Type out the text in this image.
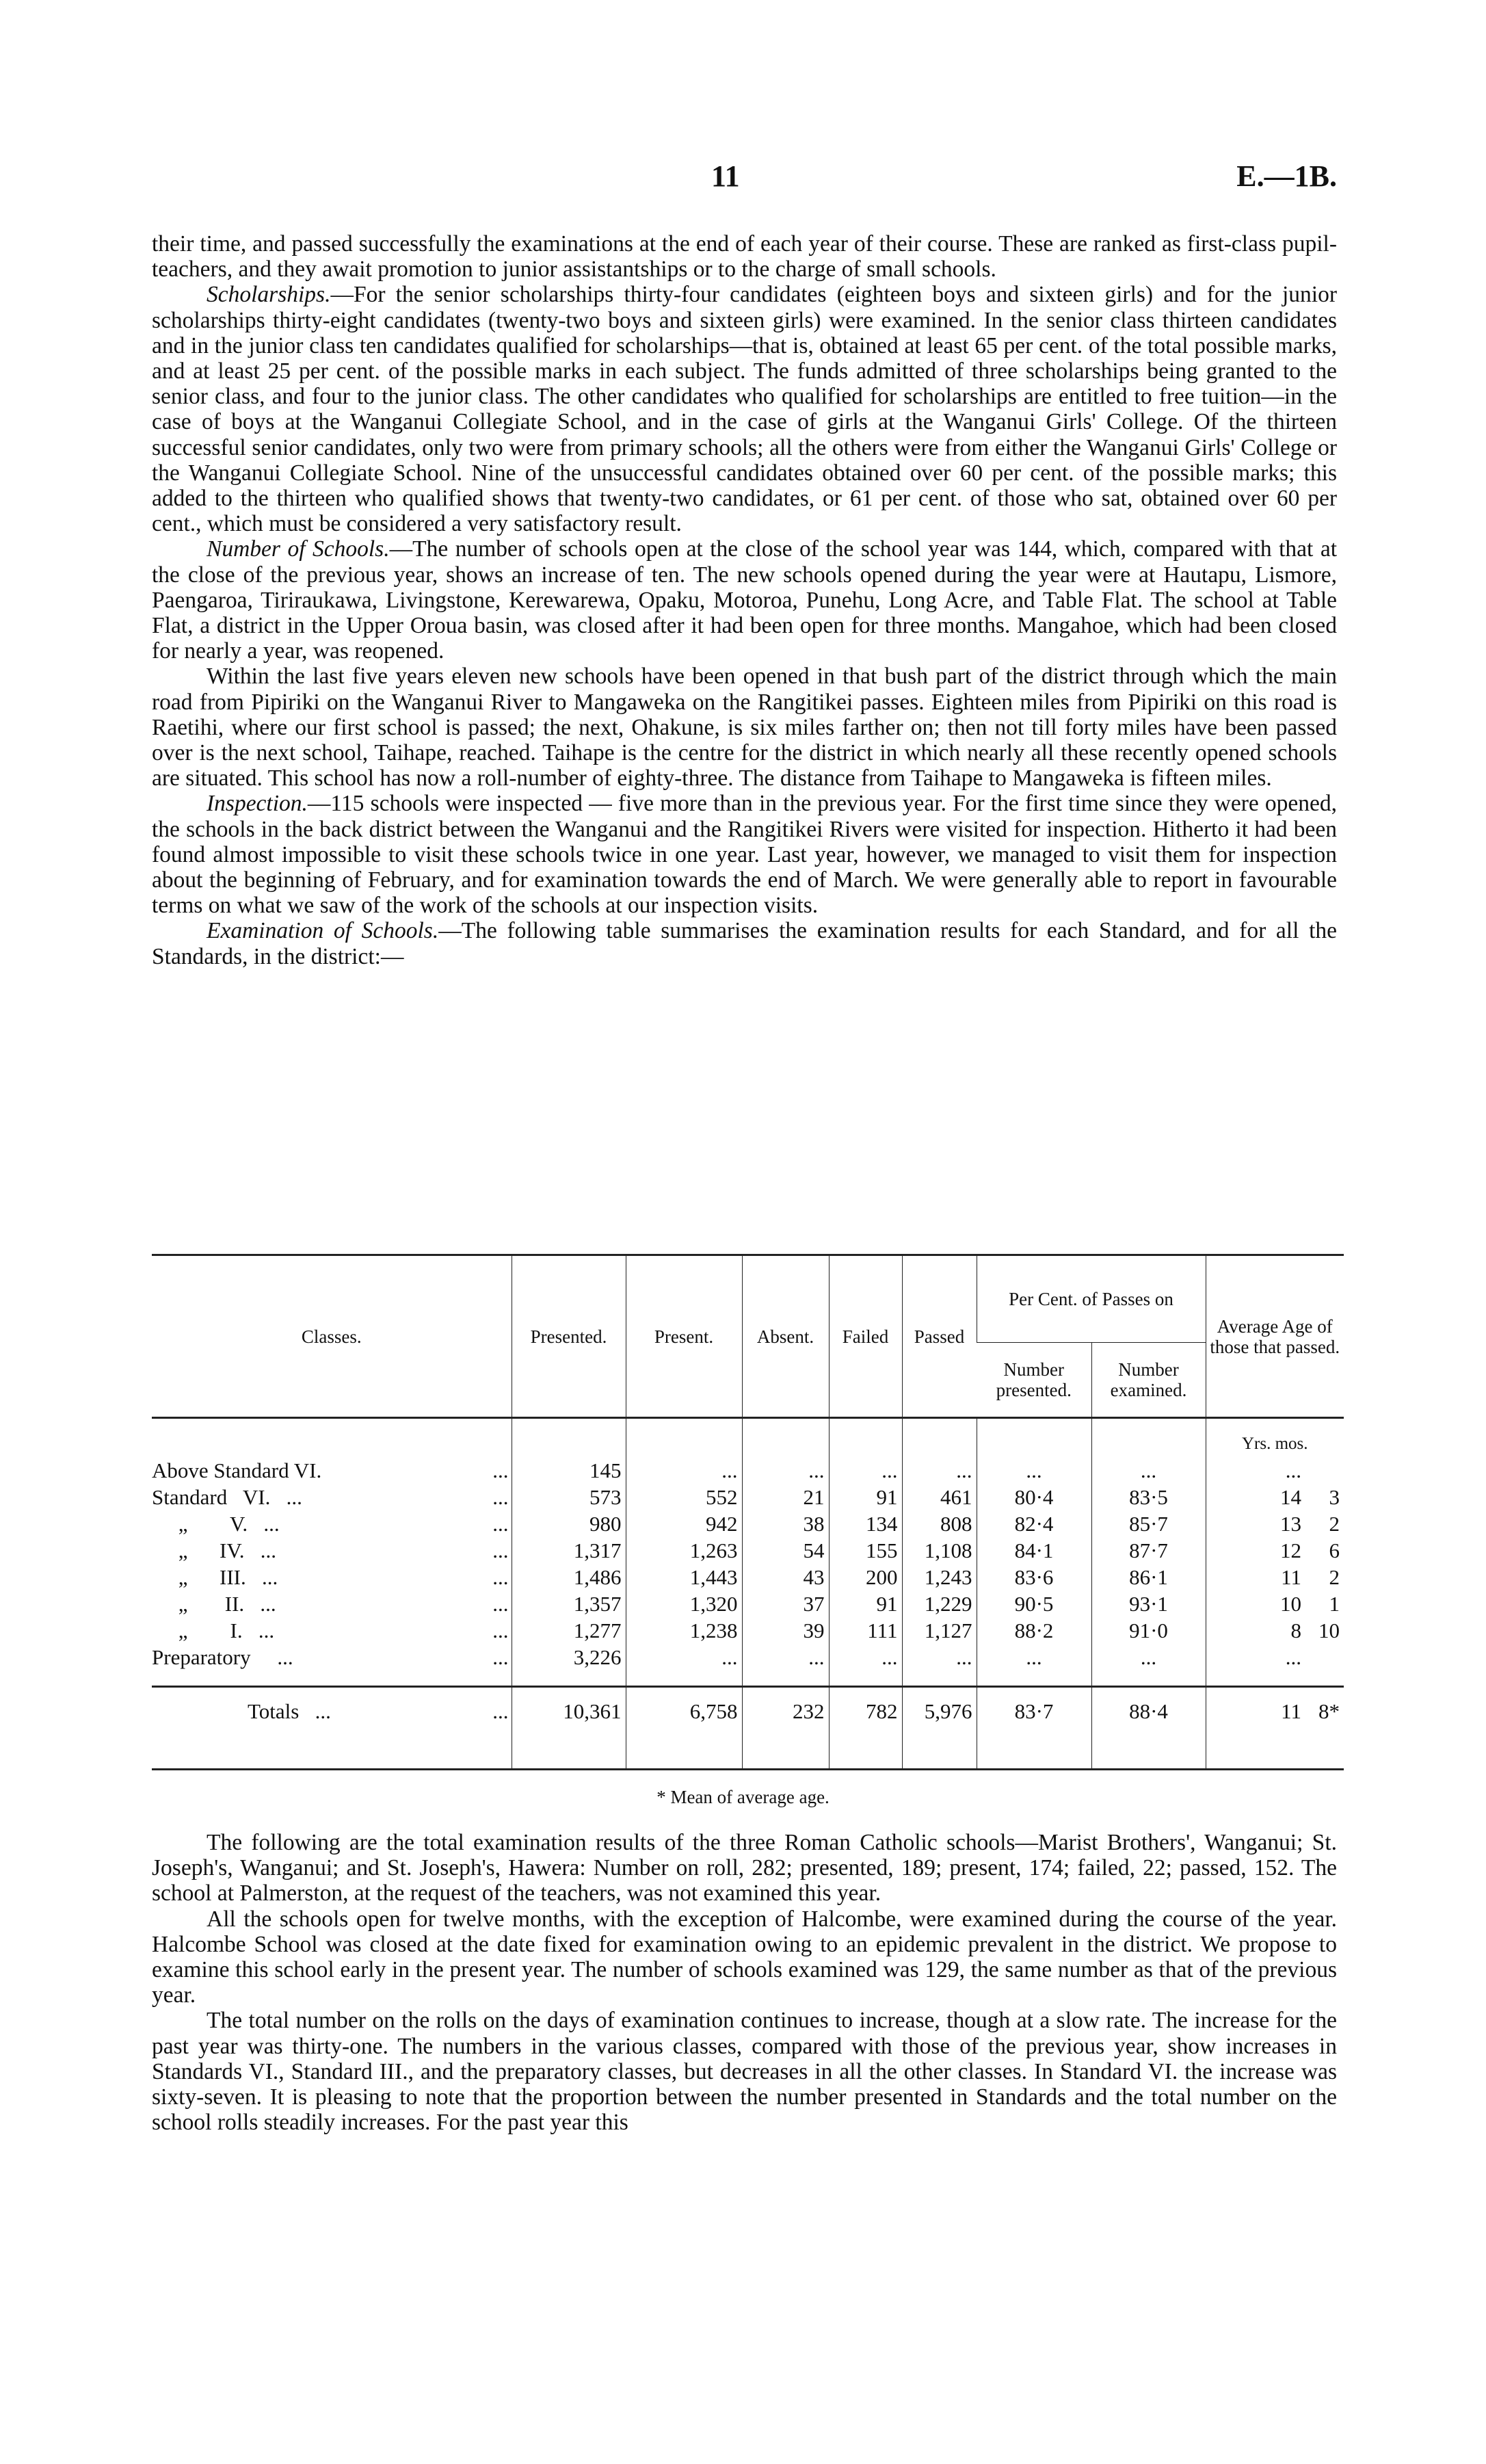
11	E.—1B.

their time, and passed successfully the examinations at the end of each year of their course. These are ranked as first-class pupil-teachers, and they await promotion to junior assistantships or to the charge of small schools.

Scholarships.—For the senior scholarships thirty-four candidates (eighteen boys and sixteen girls) and for the junior scholarships thirty-eight candidates (twenty-two boys and sixteen girls) were examined. In the senior class thirteen candidates and in the junior class ten candidates qualified for scholarships—that is, obtained at least 65 per cent. of the total possible marks, and at least 25 per cent. of the possible marks in each subject. The funds admitted of three scholarships being granted to the senior class, and four to the junior class. The other candidates who qualified for scholarships are entitled to free tuition—in the case of boys at the Wanganui Collegiate School, and in the case of girls at the Wanganui Girls' College. Of the thirteen successful senior candidates, only two were from primary schools; all the others were from either the Wanganui Girls' College or the Wanganui Collegiate School. Nine of the unsuccessful candidates obtained over 60 per cent. of the possible marks; this added to the thirteen who qualified shows that twenty-two candidates, or 61 per cent. of those who sat, obtained over 60 per cent., which must be considered a very satisfactory result.

Number of Schools.—The number of schools open at the close of the school year was 144, which, compared with that at the close of the previous year, shows an increase of ten. The new schools opened during the year were at Hautapu, Lismore, Paengaroa, Tiriraukawa, Livingstone, Kerewarewa, Opaku, Motoroa, Punehu, Long Acre, and Table Flat. The school at Table Flat, a district in the Upper Oroua basin, was closed after it had been open for three months. Mangahoe, which had been closed for nearly a year, was reopened.

Within the last five years eleven new schools have been opened in that bush part of the district through which the main road from Pipiriki on the Wanganui River to Mangaweka on the Rangitikei passes. Eighteen miles from Pipiriki on this road is Raetihi, where our first school is passed; the next, Ohakune, is six miles farther on; then not till forty miles have been passed over is the next school, Taihape, reached. Taihape is the centre for the district in which nearly all these recently opened schools are situated. This school has now a roll-number of eighty-three. The distance from Taihape to Mangaweka is fifteen miles.

Inspection.—115 schools were inspected — five more than in the previous year. For the first time since they were opened, the schools in the back district between the Wanganui and the Rangitikei Rivers were visited for inspection. Hitherto it had been found almost impossible to visit these schools twice in one year. Last year, however, we managed to visit them for inspection about the beginning of February, and for examination towards the end of March. We were generally able to report in favourable terms on what we saw of the work of the schools at our inspection visits.

Examination of Schools.—The following table summarises the examination results for each Standard, and for all the Standards, in the district:—

Classes.	Presented.	Present.	Absent.	Failed	Passed	Per Cent. of Passes on		Average Age of those that passed.
						Number presented.	Number examined.	
								Yrs. mos.

Above Standard VI. ...	145	...	...	...	...	...	...	...

Standard   VI.   ... ...	573	552	21	91	461	80·4	83·5	14 3

„        V.   ... ...	980	942	38	134	808	82·4	85·7	13 2

„      IV.   ... ...	1,317	1,263	54	155	1,108	84·1	87·7	12 6

„      III.   ... ...	1,486	1,443	43	200	1,243	83·6	86·1	11 2

„       II.   ... ...	1,357	1,320	37	91	1,229	90·5	93·1	10 1

„        I.   ... ...	1,277	1,238	39	111	1,127	88·2	91·0	8 10

Preparatory     ... ...	3,226	...	...	...	...	...	...	...

Totals   ... ...	10,361	6,758	232	782	5,976	83·7	88·4	11 8*

* Mean of average age.

The following are the total examination results of the three Roman Catholic schools—Marist Brothers', Wanganui; St. Joseph's, Wanganui; and St. Joseph's, Hawera: Number on roll, 282; presented, 189; present, 174; failed, 22; passed, 152. The school at Palmerston, at the request of the teachers, was not examined this year.

All the schools open for twelve months, with the exception of Halcombe, were examined during the course of the year. Halcombe School was closed at the date fixed for examination owing to an epidemic prevalent in the district. We propose to examine this school early in the present year. The number of schools examined was 129, the same number as that of the previous year.

The total number on the rolls on the days of examination continues to increase, though at a slow rate. The increase for the past year was thirty-one. The numbers in the various classes, compared with those of the previous year, show increases in Standards VI., Standard III., and the preparatory classes, but decreases in all the other classes. In Standard VI. the increase was sixty-seven. It is pleasing to note that the proportion between the number presented in Standards and the total number on the school rolls steadily increases. For the past year this
